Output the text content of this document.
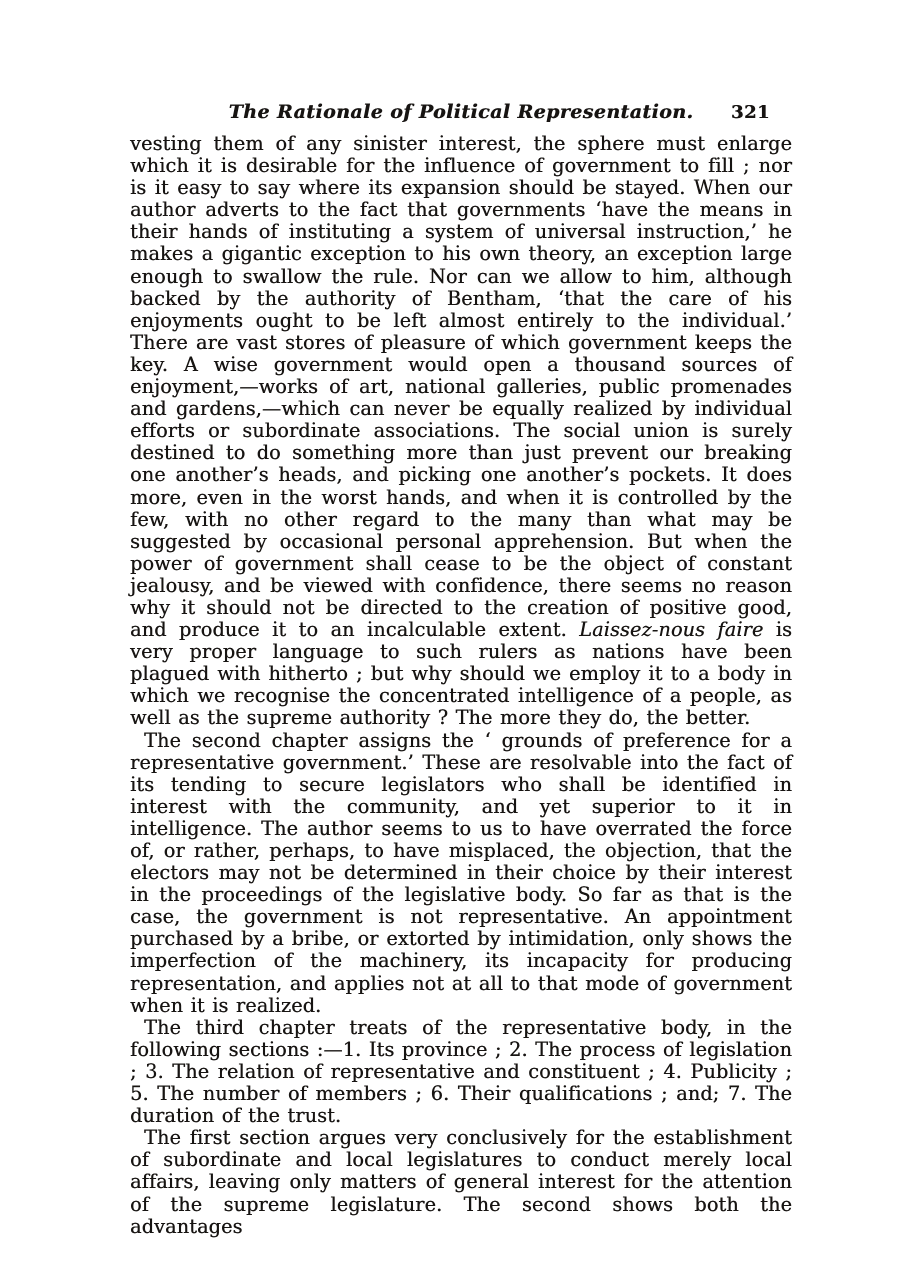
The Rationale of Political Representation.	321

vesting them of any sinister interest, the sphere must enlarge which it is desirable for the influence of government to fill ; nor is it easy to say where its expansion should be stayed. When our author adverts to the fact that governments ‘have the means in their hands of instituting a system of universal instruction,’ he makes a gigantic exception to his own theory, an exception large enough to swallow the rule. Nor can we allow to him, although backed by the authority of Bentham, ‘that the care of his enjoyments ought to be left almost entirely to the individual.’ There are vast stores of pleasure of which government keeps the key. A wise government would open a thousand sources of enjoyment,—works of art, national galleries, public promenades and gardens,—which can never be equally realized by individual efforts or subordinate associations. The social union is surely destined to do something more than just prevent our breaking one another’s heads, and picking one another’s pockets. It does more, even in the worst hands, and when it is controlled by the few, with no other regard to the many than what may be suggested by occasional personal apprehension. But when the power of government shall cease to be the object of constant jealousy, and be viewed with confidence, there seems no reason why it should not be directed to the creation of positive good, and produce it to an incalculable extent. Laissez-nous faire is very proper language to such rulers as nations have been plagued with hitherto ; but why should we employ it to a body in which we recognise the concentrated intelligence of a people, as well as the supreme authority ? The more they do, the better.

The second chapter assigns the ‘ grounds of preference for a representative government.’ These are resolvable into the fact of its tending to secure legislators who shall be identified in interest with the community, and yet superior to it in intelligence. The author seems to us to have overrated the force of, or rather, perhaps, to have misplaced, the objection, that the electors may not be determined in their choice by their interest in the proceedings of the legislative body. So far as that is the case, the government is not representative. An appointment purchased by a bribe, or extorted by intimidation, only shows the imperfection of the machinery, its incapacity for producing representation, and applies not at all to that mode of government when it is realized.

The third chapter treats of the representative body, in the following sections :—1. Its province ; 2. The process of legislation ; 3. The relation of representative and constituent ; 4. Publicity ; 5. The number of members ; 6. Their qualifications ; and; 7. The duration of the trust.

The first section argues very conclusively for the establishment of subordinate and local legislatures to conduct merely local affairs, leaving only matters of general interest for the attention of the supreme legislature. The second shows both the advantages
